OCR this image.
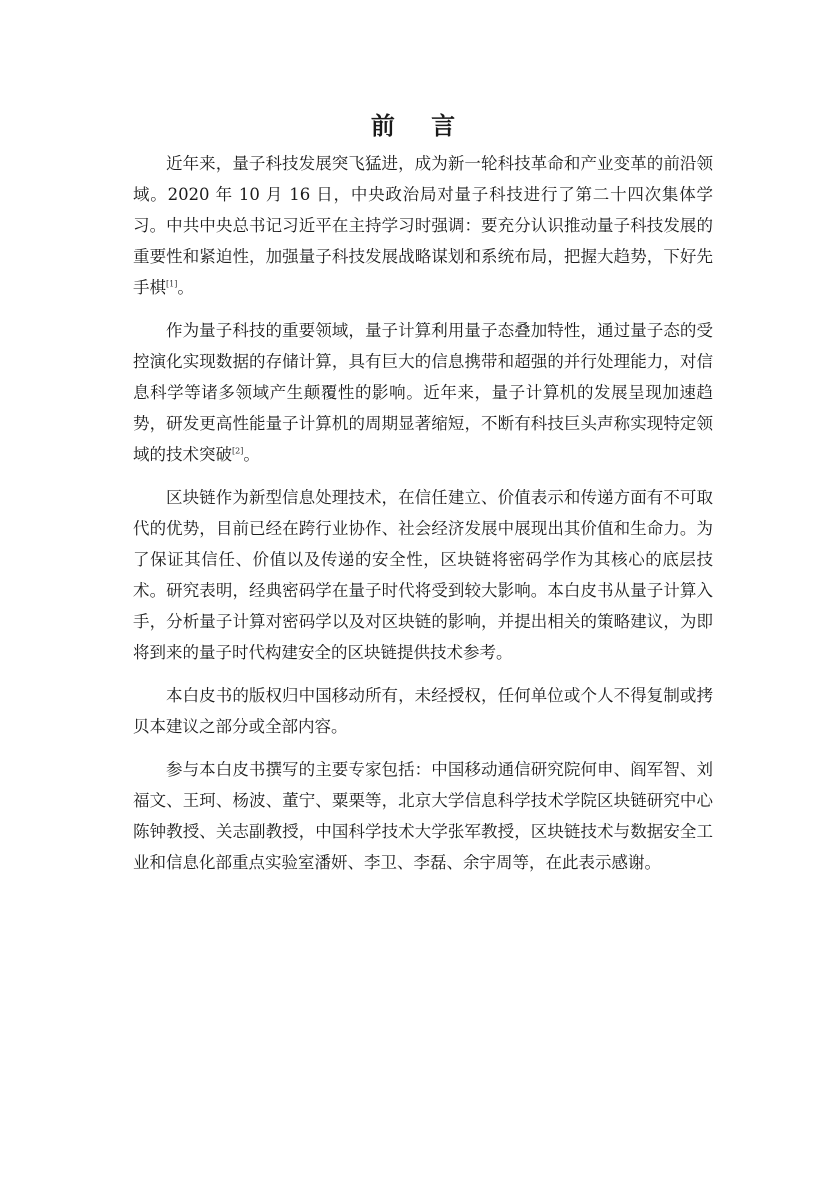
前 言

近年来，量子科技发展突飞猛进，成为新一轮科技革命和产业变革的前沿领域。2020 年 10 月 16 日，中央政治局对量子科技进行了第二十四次集体学习。中共中央总书记习近平在主持学习时强调：要充分认识推动量子科技发展的重要性和紧迫性，加强量子科技发展战略谋划和系统布局，把握大趋势，下好先手棋[1]。

作为量子科技的重要领域，量子计算利用量子态叠加特性，通过量子态的受控演化实现数据的存储计算，具有巨大的信息携带和超强的并行处理能力，对信息科学等诸多领域产生颠覆性的影响。近年来，量子计算机的发展呈现加速趋势，研发更高性能量子计算机的周期显著缩短，不断有科技巨头声称实现特定领域的技术突破[2]。

区块链作为新型信息处理技术，在信任建立、价值表示和传递方面有不可取代的优势，目前已经在跨行业协作、社会经济发展中展现出其价值和生命力。为了保证其信任、价值以及传递的安全性，区块链将密码学作为其核心的底层技术。研究表明，经典密码学在量子时代将受到较大影响。本白皮书从量子计算入手，分析量子计算对密码学以及对区块链的影响，并提出相关的策略建议，为即将到来的量子时代构建安全的区块链提供技术参考。

本白皮书的版权归中国移动所有，未经授权，任何单位或个人不得复制或拷贝本建议之部分或全部内容。

参与本白皮书撰写的主要专家包括：中国移动通信研究院何申、阎军智、刘福文、王珂、杨波、董宁、粟栗等，北京大学信息科学技术学院区块链研究中心陈钟教授、关志副教授，中国科学技术大学张军教授，区块链技术与数据安全工业和信息化部重点实验室潘妍、李卫、李磊、余宇周等，在此表示感谢。
